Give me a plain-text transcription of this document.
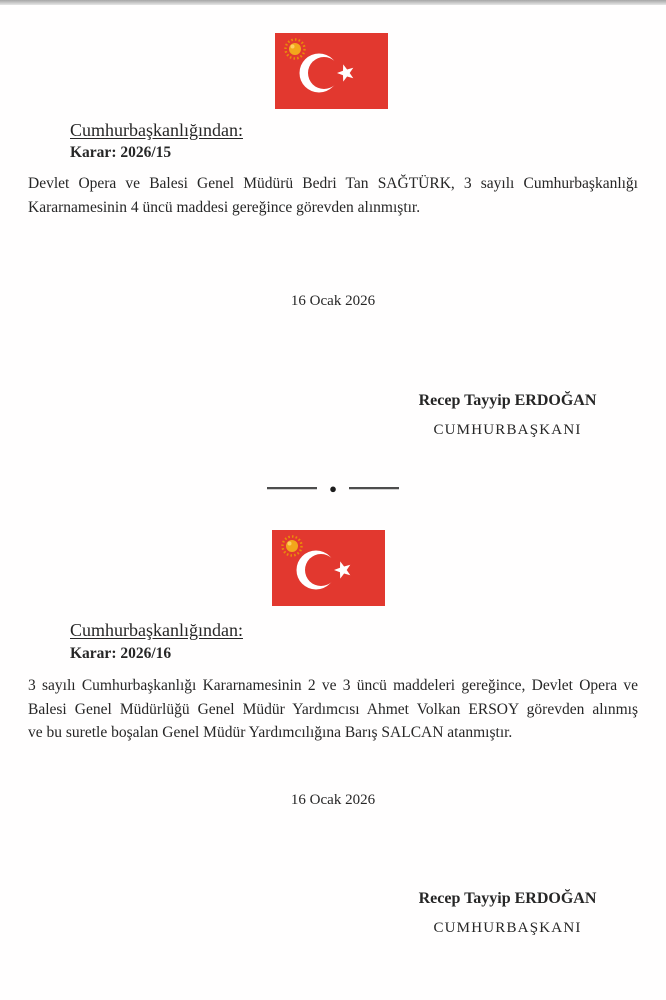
Cumhurbaşkanlığından:
Karar: 2026/15
Devlet Opera ve Balesi Genel Müdürü Bedri Tan SAĞTÜRK, 3 sayılı Cumhurbaşkanlığı
Kararnamesinin 4 üncü maddesi gereğince görevden alınmıştır.
16 Ocak 2026
Recep Tayyip ERDOĞAN
CUMHURBAŞKANI
●
Cumhurbaşkanlığından:
Karar: 2026/16
3 sayılı Cumhurbaşkanlığı Kararnamesinin 2 ve 3 üncü maddeleri gereğince, Devlet Opera ve
Balesi Genel Müdürlüğü Genel Müdür Yardımcısı Ahmet Volkan ERSOY görevden alınmış
ve bu suretle boşalan Genel Müdür Yardımcılığına Barış SALCAN atanmıştır.
16 Ocak 2026
Recep Tayyip ERDOĞAN
CUMHURBAŞKANI
